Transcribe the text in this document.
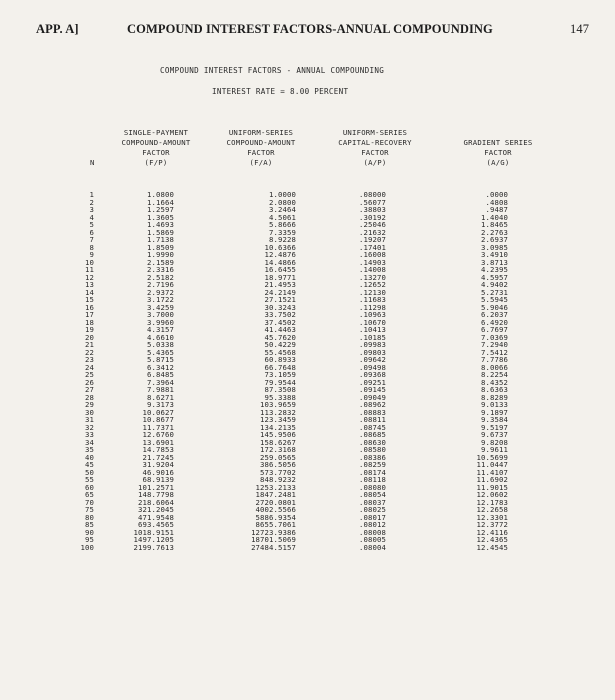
APP. A]	COMPOUND INTEREST FACTORS-ANNUAL COMPOUNDING	147
COMPOUND INTEREST FACTORS - ANNUAL COMPOUNDING
INTEREST RATE = 8.00 PERCENT
SINGLE-PAYMENT
COMPOUND-AMOUNT
FACTOR
(F/P)
UNIFORM-SERIES
COMPOUND-AMOUNT
FACTOR
(F/A)
UNIFORM-SERIES
CAPITAL-RECOVERY
FACTOR
(A/P)
GRADIENT SERIES
FACTOR
(A/G)
N
1
2
3
4
5
6
7
8
9
10
11
12
13
14
15
16
17
18
19
20
21
22
23
24
25
26
27
28
29
30
31
32
33
34
35
40
45
50
55
60
65
70
75
80
85
90
95
100
1.0800
1.1664
1.2597
1.3605
1.4693
1.5869
1.7138
1.8509
1.9990
2.1589
2.3316
2.5182
2.7196
2.9372
3.1722
3.4259
3.7000
3.9960
4.3157
4.6610
5.0338
5.4365
5.8715
6.3412
6.8485
7.3964
7.9881
8.6271
9.3173
10.0627
10.8677
11.7371
12.6760
13.6901
14.7853
21.7245
31.9204
46.9016
68.9139
101.2571
148.7798
218.6064
321.2045
471.9548
693.4565
1018.9151
1497.1205
2199.7613
1.0000
2.0800
3.2464
4.5061
5.8666
7.3359
8.9228
10.6366
12.4876
14.4866
16.6455
18.9771
21.4953
24.2149
27.1521
30.3243
33.7502
37.4502
41.4463
45.7620
50.4229
55.4568
60.8933
66.7648
73.1059
79.9544
87.3508
95.3388
103.9659
113.2832
123.3459
134.2135
145.9506
158.6267
172.3168
259.0565
386.5056
573.7702
848.9232
1253.2133
1847.2481
2720.0801
4002.5566
5886.9354
8655.7061
12723.9386
18701.5069
27484.5157
.08000
.56077
.38803
.30192
.25046
.21632
.19207
.17401
.16008
.14903
.14008
.13270
.12652
.12130
.11683
.11298
.10963
.10670
.10413
.10185
.09983
.09803
.09642
.09498
.09368
.09251
.09145
.09049
.08962
.08883
.08811
.08745
.08685
.08630
.08580
.08386
.08259
.08174
.08118
.08080
.08054
.08037
.08025
.08017
.08012
.08008
.08005
.08004
.0000
.4808
.9487
1.4040
1.8465
2.2763
2.6937
3.0985
3.4910
3.8713
4.2395
4.5957
4.9402
5.2731
5.5945
5.9046
6.2037
6.4920
6.7697
7.0369
7.2940
7.5412
7.7786
8.0066
8.2254
8.4352
8.6363
8.8289
9.0133
9.1897
9.3584
9.5197
9.6737
9.8208
9.9611
10.5699
11.0447
11.4107
11.6902
11.9015
12.0602
12.1783
12.2658
12.3301
12.3772
12.4116
12.4365
12.4545
